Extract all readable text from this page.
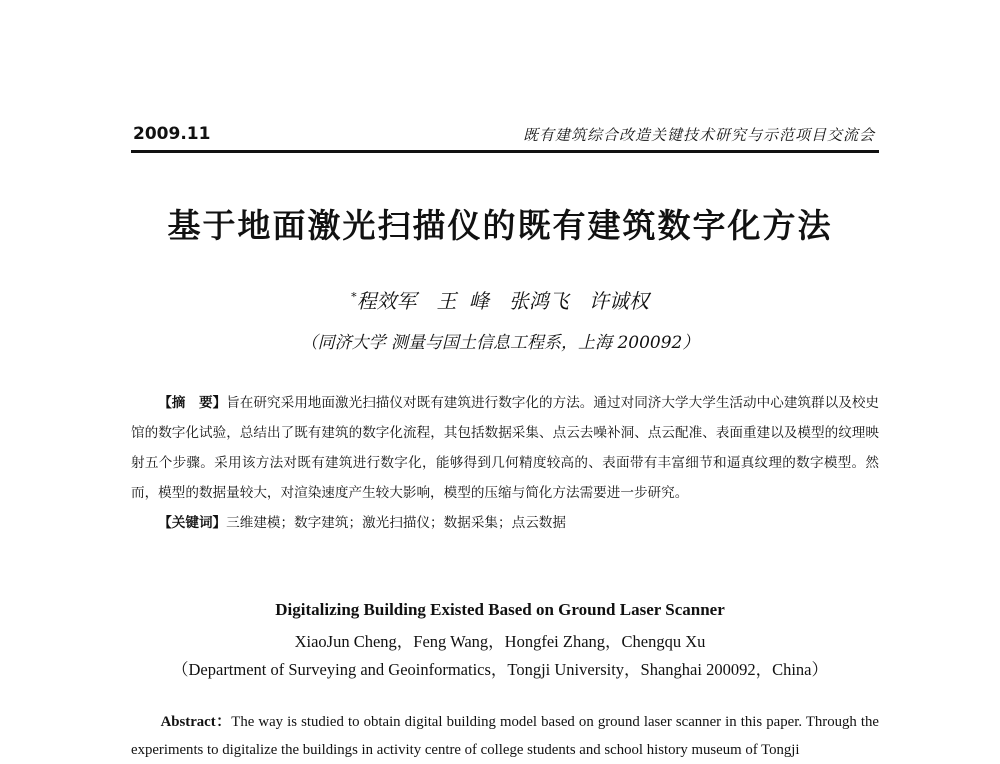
2009.11	既有建筑综合改造关键技术研究与示范项目交流会
基于地面激光扫描仪的既有建筑数字化方法
*程效军　王 峰　张鸿飞　许诚权
（同济大学 测量与国土信息工程系，上海 200092）

【摘　要】旨在研究采用地面激光扫描仪对既有建筑进行数字化的方法。通过对同济大学大学生活动中心建筑群以及校史馆的数字化试验，总结出了既有建筑的数字化流程，其包括数据采集、点云去噪补洞、点云配准、表面重建以及模型的纹理映射五个步骤。采用该方法对既有建筑进行数字化，能够得到几何精度较高的、表面带有丰富细节和逼真纹理的数字模型。然而，模型的数据量较大，对渲染速度产生较大影响，模型的压缩与简化方法需要进一步研究。

【关键词】三维建模；数字建筑；激光扫描仪；数据采集；点云数据

Digitalizing Building Existed Based on Ground Laser Scanner
XiaoJun Cheng，Feng Wang，Hongfei Zhang，Chengqu Xu
（Department of Surveying and Geoinformatics，Tongji University，Shanghai 200092，China）
Abstract：The way is studied to obtain digital building model based on ground laser scanner in this paper. Through the experiments to digitalize the buildings in activity centre of college students and school history museum of Tongji
